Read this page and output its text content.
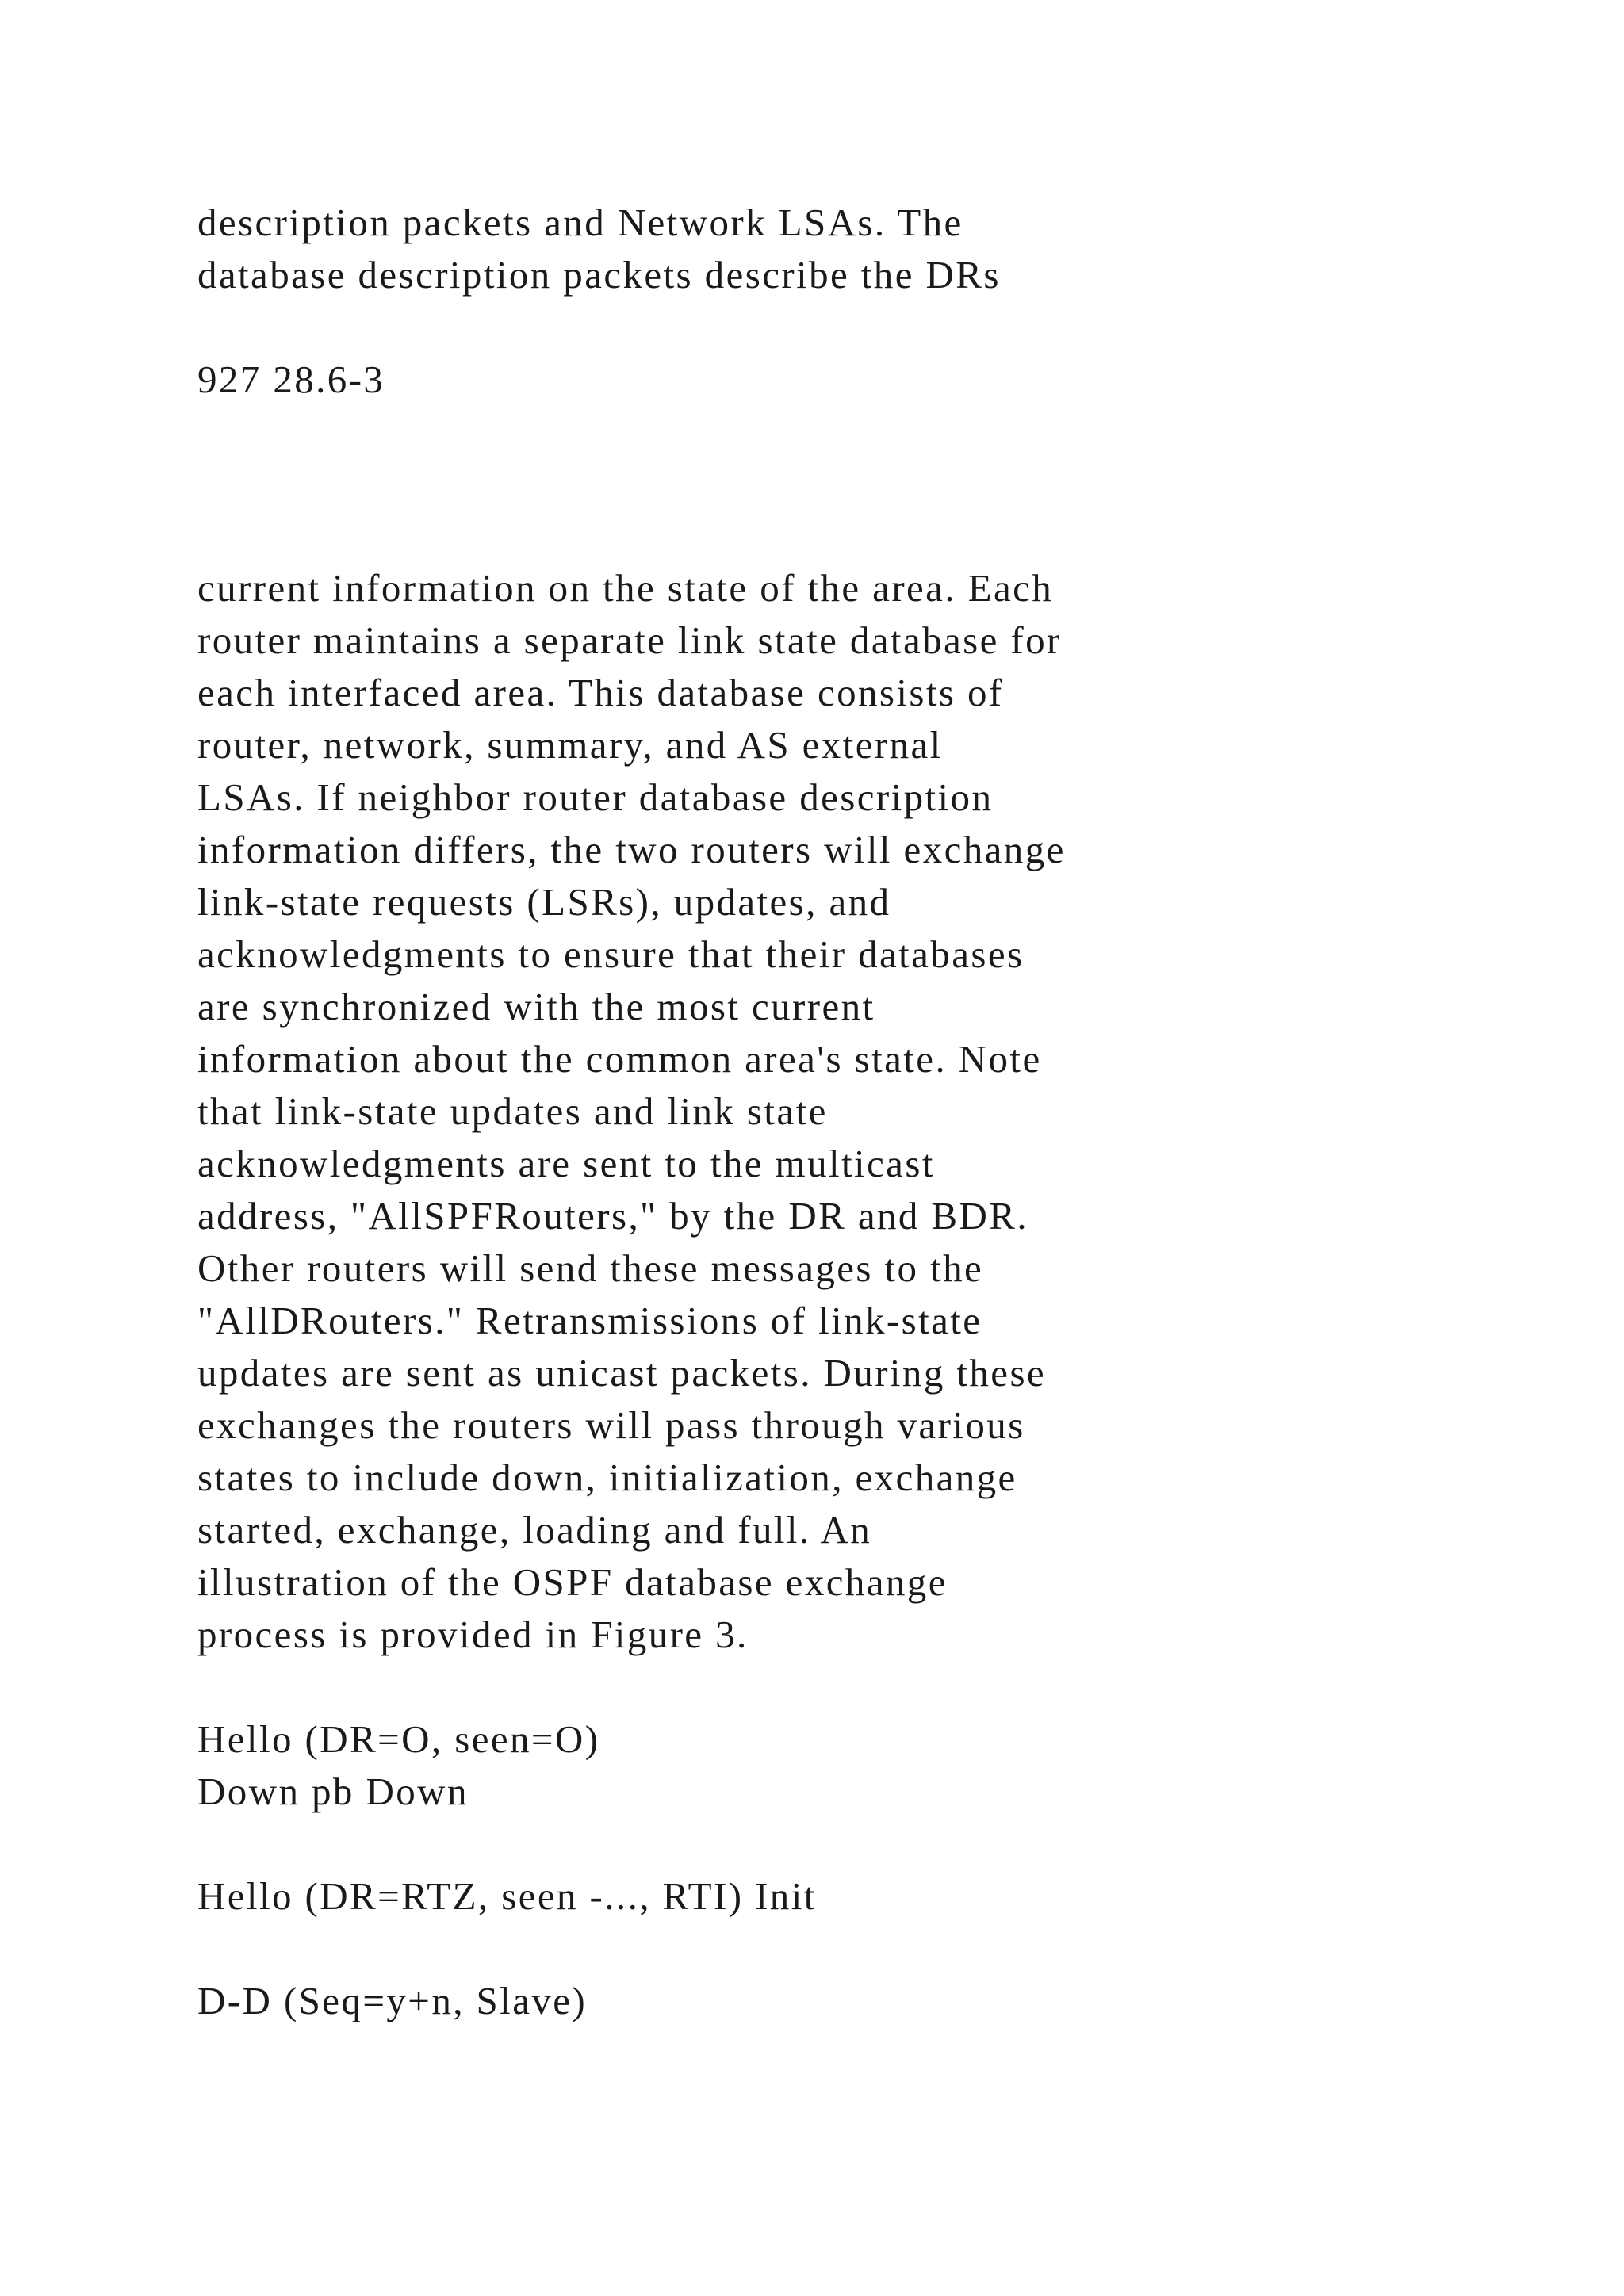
description packets and Network LSAs. The
database description packets describe the DRs
927 28.6-3
current information on the state of the area. Each
router maintains a separate link state database for
each interfaced area. This database consists of
router, network, summary, and AS external
LSAs. If neighbor router database description
information differs, the two routers will exchange
link-state requests (LSRs), updates, and
acknowledgments to ensure that their databases
are synchronized with the most current
information about the common area's state. Note
that link-state updates and link state
acknowledgments are sent to the multicast
address, "AllSPFRouters," by the DR and BDR.
Other routers will send these messages to the
"AllDRouters." Retransmissions of link-state
updates are sent as unicast packets. During these
exchanges the routers will pass through various
states to include down, initialization, exchange
started, exchange, loading and full. An
illustration of the OSPF database exchange
process is provided in Figure 3.
Hello (DR=O, seen=O)
Down pb Down
Hello (DR=RTZ, seen -..., RTI) Init
D-D (Seq=y+n, Slave)
